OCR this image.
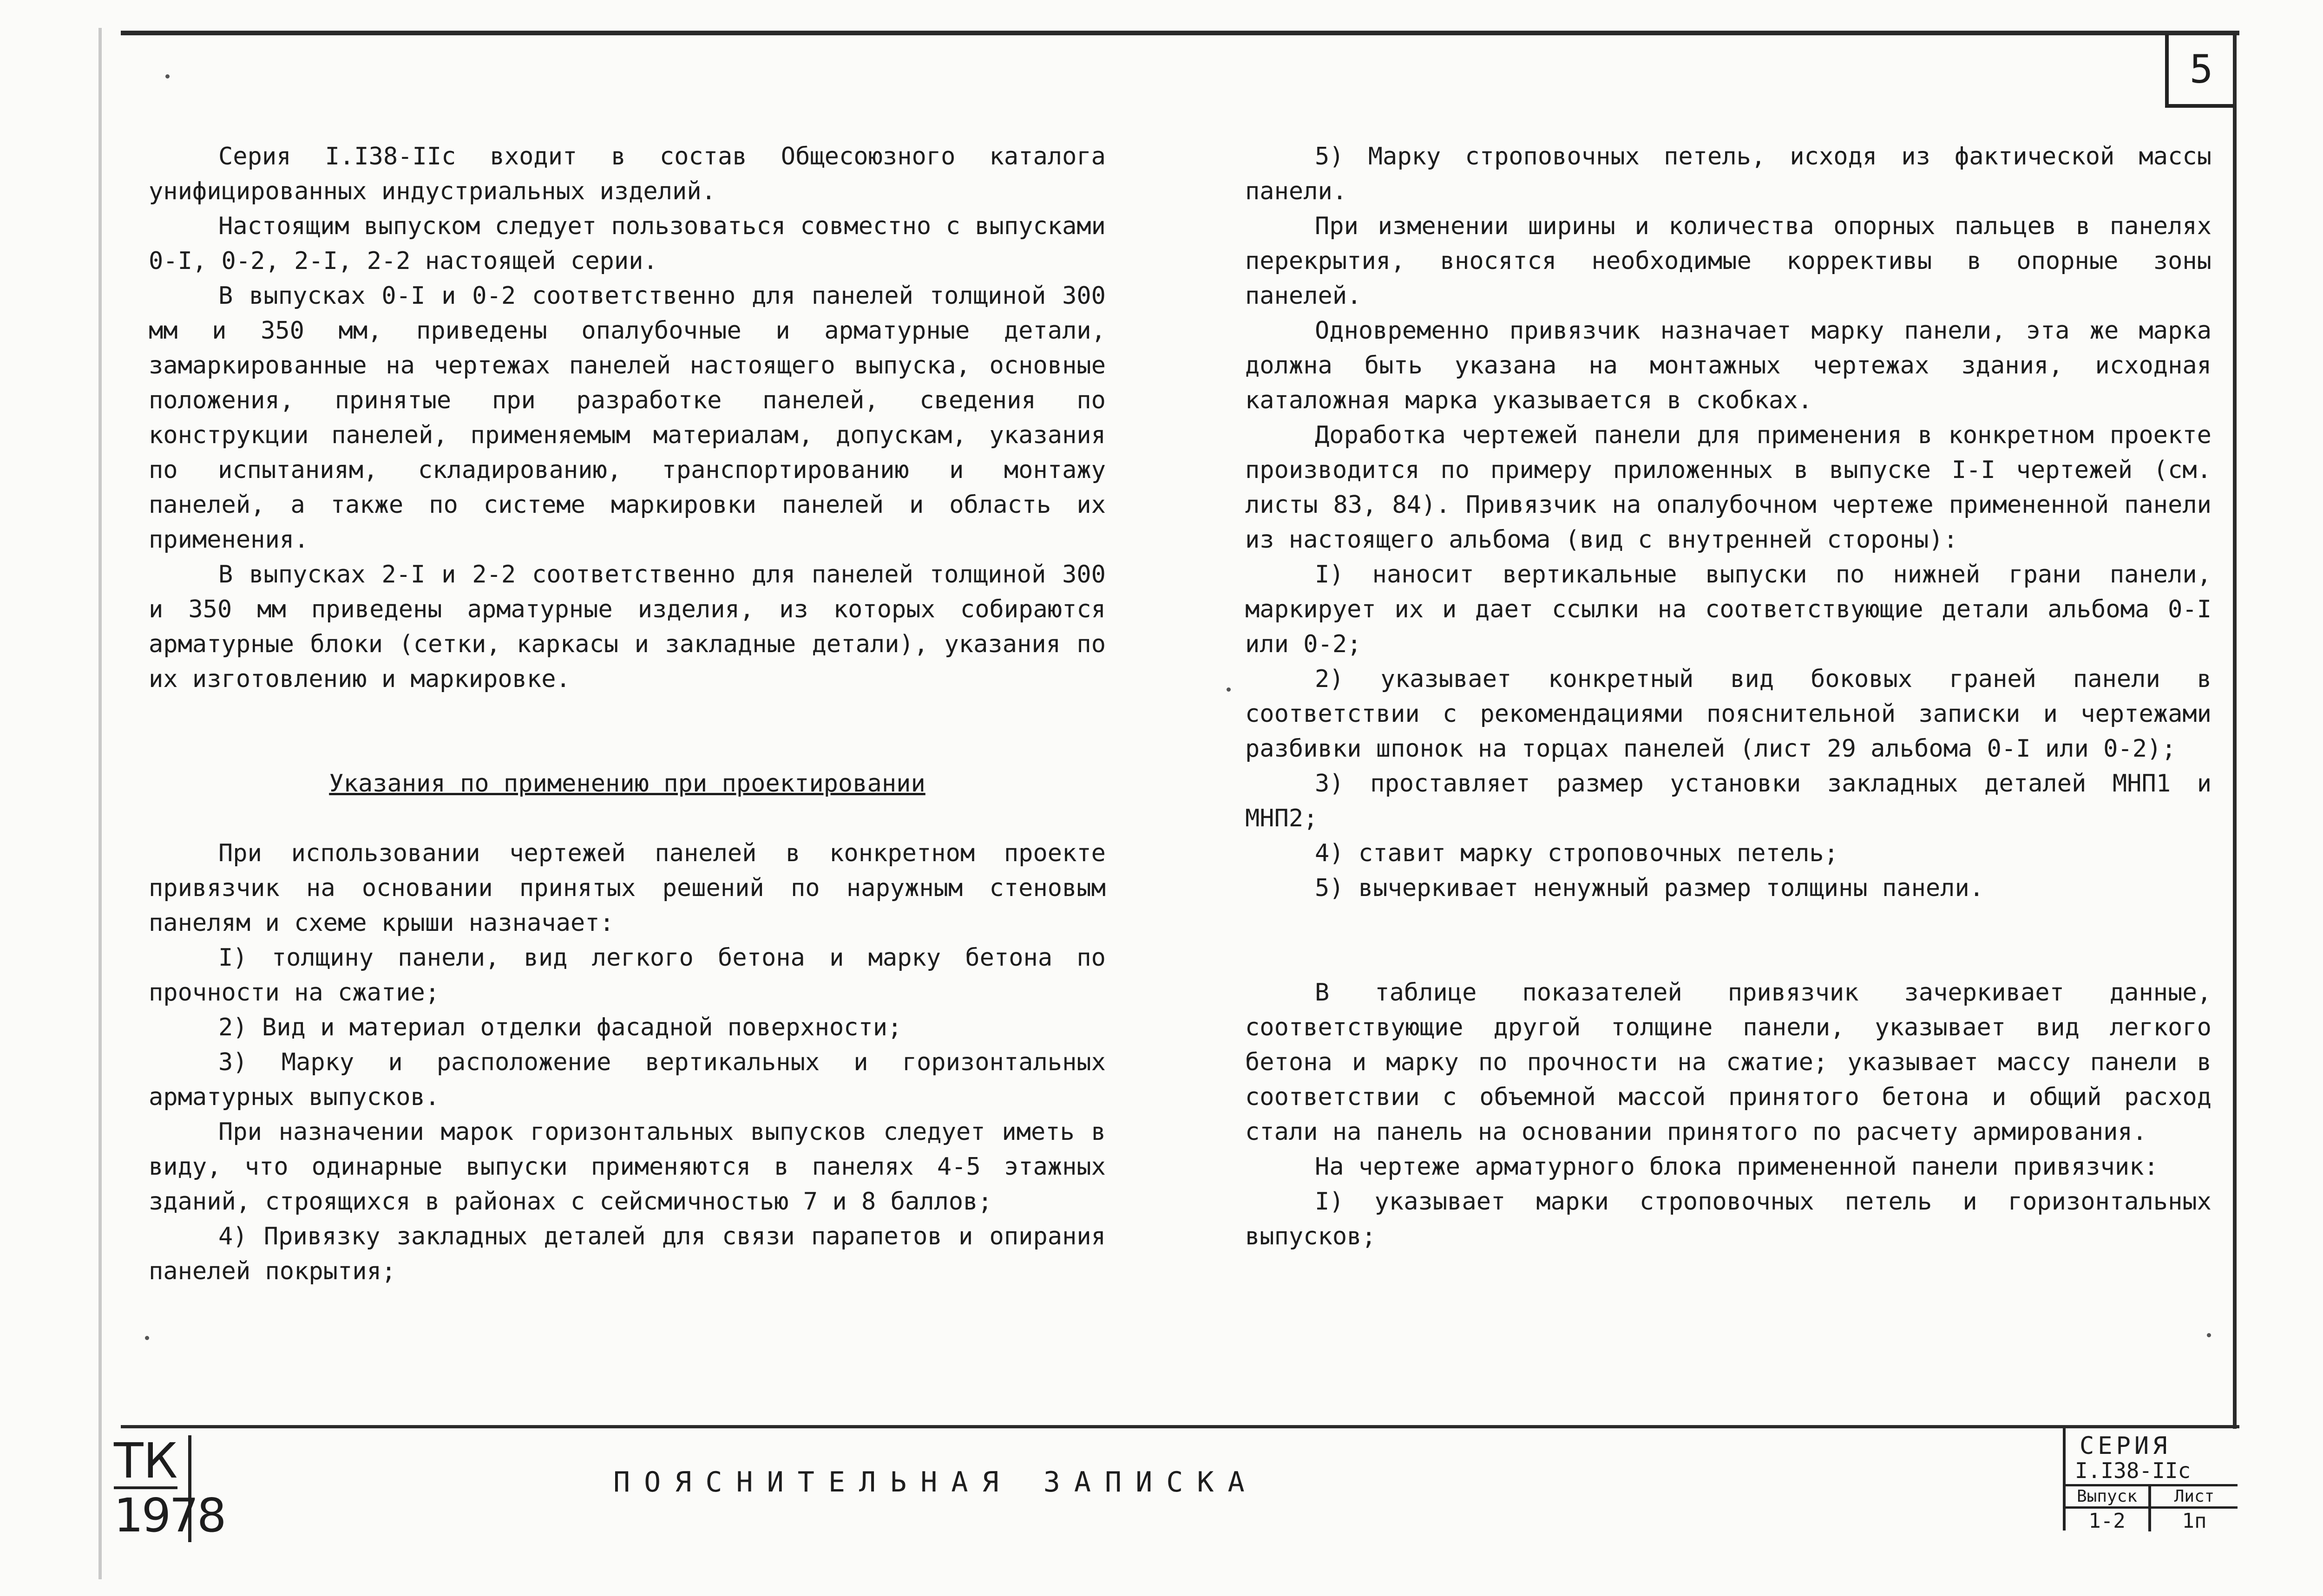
5

Серия I.I38-IIс входит в состав Общесоюзного каталога унифицированных индустриальных изделий.

Настоящим выпуском следует пользоваться совместно с выпусками 0-I, 0-2, 2-I, 2-2 настоящей серии.

В выпусках 0-I и 0-2 соответственно для панелей толщиной 300 мм и 350 мм, приведены опалубочные и арматурные детали, замаркированные на чертежах панелей настоящего выпуска, основные положения, принятые при разработке панелей, сведения по конструкции панелей, применяемым материалам, допускам, указания по испытаниям, складированию, транспортированию и монтажу панелей, а также по системе маркировки панелей и область их применения.

В выпусках 2-I и 2-2 соответственно для панелей толщиной 300 и 350 мм приведены арматурные изделия, из которых собираются арматурные блоки (сетки, каркасы и закладные детали), указания по их изготовлению и маркировке.

Указания по применению при проектировании

При использовании чертежей панелей в конкретном проекте привязчик на основании принятых решений по наружным стеновым панелям и схеме крыши назначает:

I) толщину панели, вид легкого бетона и марку бетона по прочности на сжатие;

2) Вид и материал отделки фасадной поверхности;

3) Марку и расположение вертикальных и горизонтальных арматурных выпусков.

При назначении марок горизонтальных выпусков следует иметь в виду, что одинарные выпуски применяются в панелях 4-5 этажных зданий, строящихся в районах с сейсмичностью 7 и 8 баллов;

4) Привязку закладных деталей для связи парапетов и опирания панелей покрытия;

5) Марку строповочных петель, исходя из фактической массы панели.

При изменении ширины и количества опорных пальцев в панелях перекрытия, вносятся необходимые коррективы в опорные зоны панелей.

Одновременно привязчик назначает марку панели, эта же марка должна быть указана на монтажных чертежах здания, исходная каталожная марка указывается в скобках.

Доработка чертежей панели для применения в конкретном проекте производится по примеру приложенных в выпуске I-I чертежей (см. листы 83, 84). Привязчик на опалубочном чертеже примененной панели из настоящего альбома (вид с внутренней стороны):

I) наносит вертикальные выпуски по нижней грани панели, маркирует их и дает ссылки на соответствующие детали альбома 0-I или 0-2;

2) указывает конкретный вид боковых граней панели в соответствии с рекомендациями пояснительной записки и чертежами разбивки шпонок на торцах панелей (лист 29 альбома 0-I или 0-2);

3) проставляет размер установки закладных деталей МНП1 и МНП2;

4) ставит марку строповочных петель;

5) вычеркивает ненужный размер толщины панели.

В таблице показателей привязчик зачеркивает данные, соответствующие другой толщине панели, указывает вид легкого бетона и марку по прочности на сжатие; указывает массу панели в соответствии с объемной массой принятого бетона и общий расход стали на панель на основании принятого по расчету армирования.

На чертеже арматурного блока примененной панели привязчик:

I) указывает марки строповочных петель и горизонтальных выпусков;

ТК
1978
ПОЯСНИТЕЛЬНАЯ ЗАПИСКА
СЕРИЯ
I.I38-IIс
Выпуск
1-2
Лист
1п
